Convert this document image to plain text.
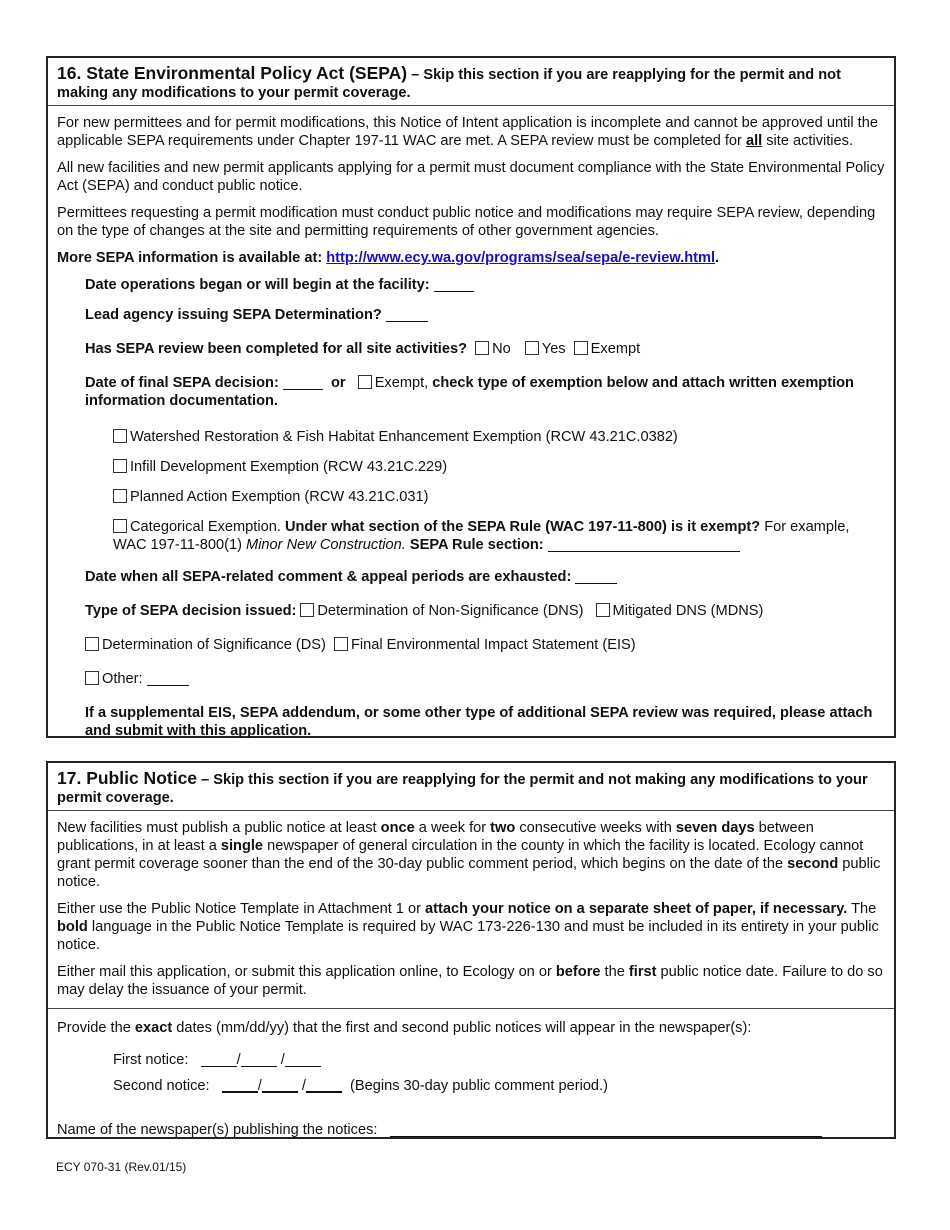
16. State Environmental Policy Act (SEPA) – Skip this section if you are reapplying for the permit and not making any modifications to your permit coverage.

For new permittees and for permit modifications, this Notice of Intent application is incomplete and cannot be approved until the applicable SEPA requirements under Chapter 197-11 WAC are met. A SEPA review must be completed for all site activities.

All new facilities and new permit applicants applying for a permit must document compliance with the State Environmental Policy Act (SEPA) and conduct public notice.

Permittees requesting a permit modification must conduct public notice and modifications may require SEPA review, depending on the type of changes at the site and permitting requirements of other government agencies.

More SEPA information is available at: http://www.ecy.wa.gov/programs/sea/sepa/e-review.html.

Date operations began or will begin at the facility:
Lead agency issuing SEPA Determination?
Has SEPA review been completed for all site activities? No Yes Exempt
Date of final SEPA decision:	or Exempt, check type of exemption below and attach written exemption information documentation.
Watershed Restoration & Fish Habitat Enhancement Exemption (RCW 43.21C.0382)
Infill Development Exemption (RCW 43.21C.229)
Planned Action Exemption (RCW 43.21C.031)
Categorical Exemption. Under what section of the SEPA Rule (WAC 197-11-800) is it exempt? For example, WAC 197-11-800(1) Minor New Construction. SEPA Rule section:
Date when all SEPA-related comment & appeal periods are exhausted:
Type of SEPA decision issued: Determination of Non-Significance (DNS) Mitigated DNS (MDNS)
Determination of Significance (DS) Final Environmental Impact Statement (EIS)
Other:
If a supplemental EIS, SEPA addendum, or some other type of additional SEPA review was required, please attach and submit with this application.
17. Public Notice – Skip this section if you are reapplying for the permit and not making any modifications to your permit coverage.

New facilities must publish a public notice at least once a week for two consecutive weeks with seven days between publications, in at least a single newspaper of general circulation in the county in which the facility is located. Ecology cannot grant permit coverage sooner than the end of the 30-day public comment period, which begins on the date of the second public notice.

Either use the Public Notice Template in Attachment 1 or attach your notice on a separate sheet of paper, if necessary. The bold language in the Public Notice Template is required by WAC 173-226-130 and must be included in its entirety in your public notice.

Either mail this application, or submit this application online, to Ecology on or before the first public notice date. Failure to do so may delay the issuance of your permit.

Provide the exact dates (mm/dd/yy) that the first and second public notices will appear in the newspaper(s):

First notice:	/ /
Second notice:	/ /	(Begins 30-day public comment period.)
Name of the newspaper(s) publishing the notices:
ECY 070-31 (Rev.01/15)
